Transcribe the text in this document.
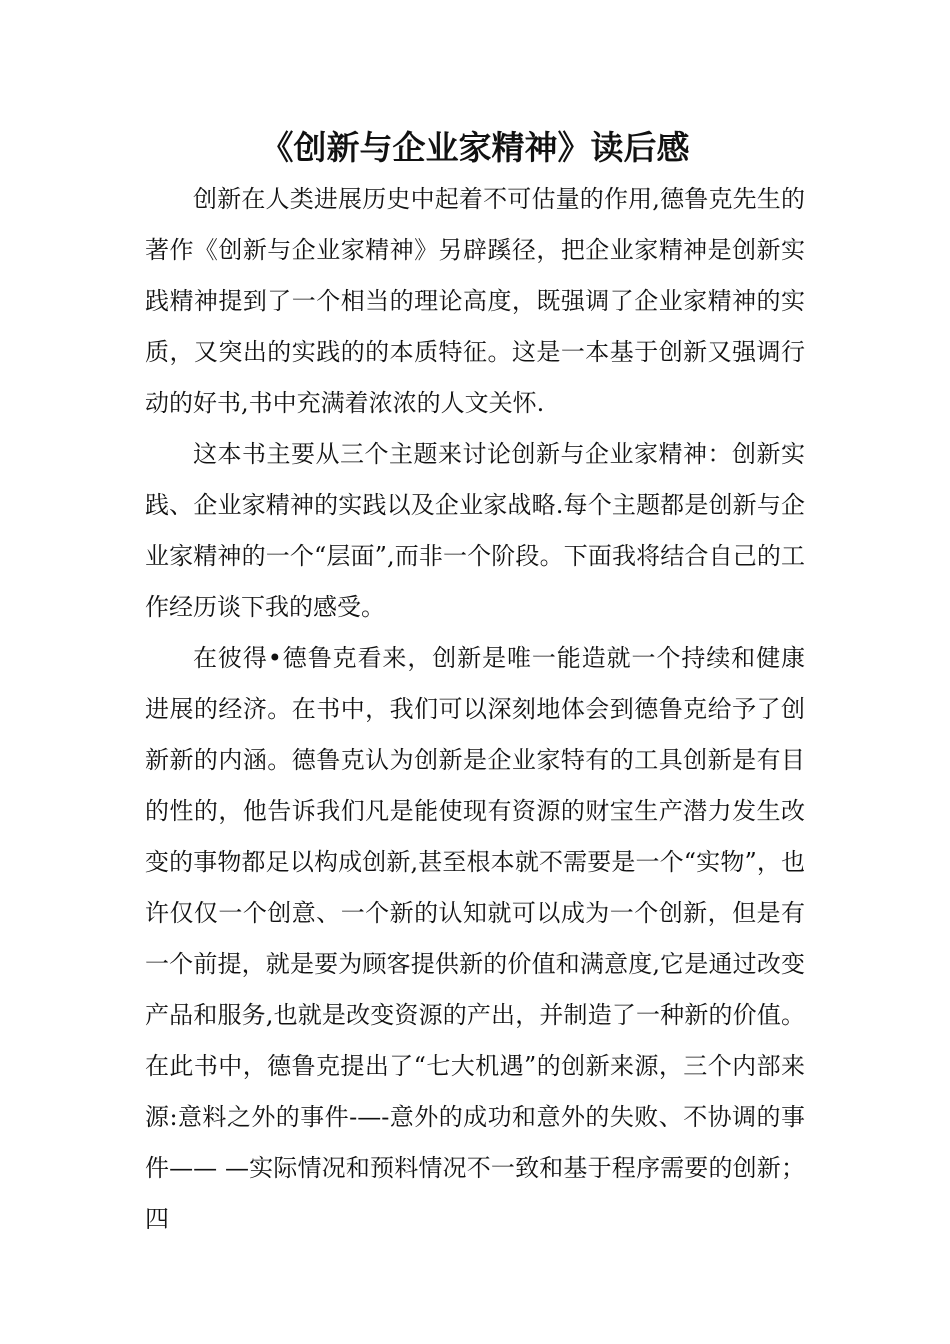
《创新与企业家精神》读后感

创新在人类进展历史中起着不可估量的作用,德鲁克先生的著作《创新与企业家精神》另辟蹊径，把企业家精神是创新实践精神提到了一个相当的理论高度，既强调了企业家精神的实质，又突出的实践的的本质特征。这是一本基于创新又强调行动的好书,书中充满着浓浓的人文关怀.

这本书主要从三个主题来讨论创新与企业家精神：创新实践、企业家精神的实践以及企业家战略.每个主题都是创新与企业家精神的一个“层面”,而非一个阶段。下面我将结合自己的工作经历谈下我的感受。

在彼得•德鲁克看来，创新是唯一能造就一个持续和健康进展的经济。在书中，我们可以深刻地体会到德鲁克给予了创新新的内涵。德鲁克认为创新是企业家特有的工具创新是有目的性的，他告诉我们凡是能使现有资源的财宝生产潜力发生改变的事物都足以构成创新,甚至根本就不需要是一个“实物”，也许仅仅一个创意、一个新的认知就可以成为一个创新，但是有一个前提，就是要为顾客提供新的价值和满意度,它是通过改变产品和服务,也就是改变资源的产出，并制造了一种新的价值。在此书中，德鲁克提出了“七大机遇”的创新来源，三个内部来源:意料之外的事件-—-意外的成功和意外的失败、不协调的事件—— —实际情况和预料情况不一致和基于程序需要的创新；四
